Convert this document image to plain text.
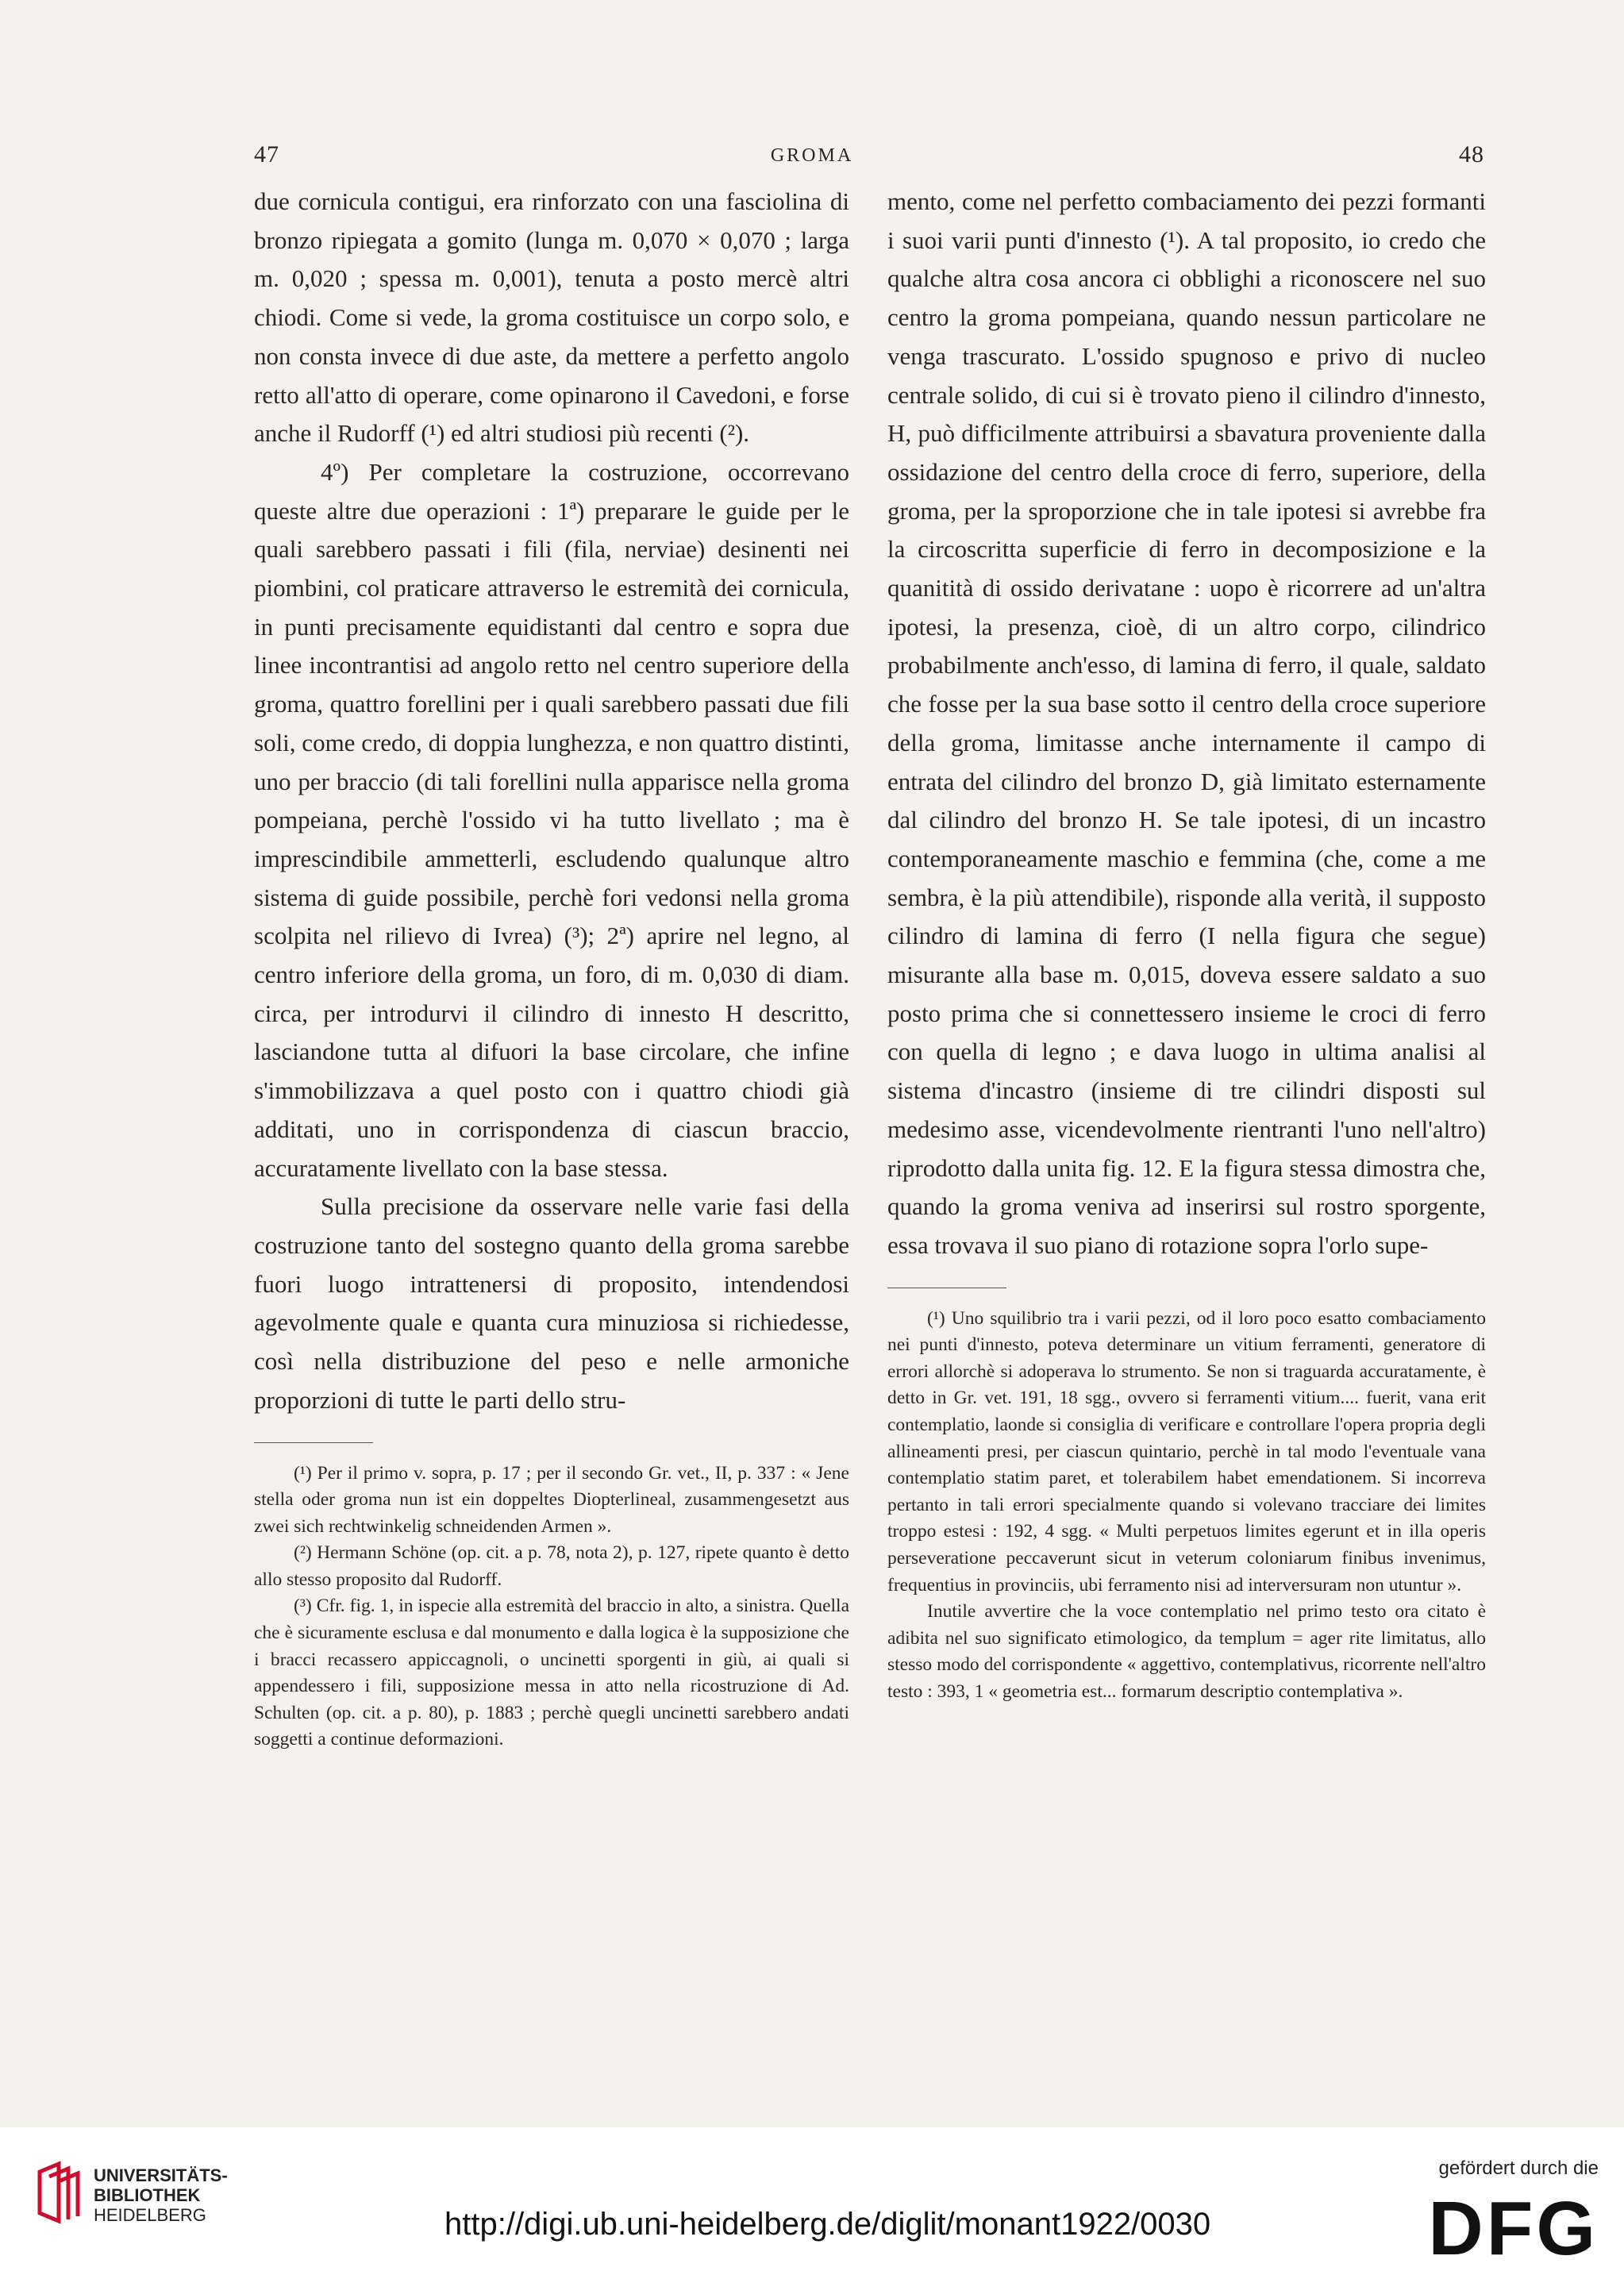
47	GROMA	48

due cornicula contigui, era rinforzato con una fasciolina di bronzo ripiegata a gomito (lunga m. 0,070 × 0,070 ; larga m. 0,020 ; spessa m. 0,001), tenuta a posto mercè altri chiodi. Come si vede, la groma costituisce un corpo solo, e non consta invece di due aste, da mettere a perfetto angolo retto all'atto di operare, come opinarono il Cavedoni, e forse anche il Rudorff (¹) ed altri studiosi più recenti (²).

4º) Per completare la costruzione, occorrevano queste altre due operazioni : 1ª) preparare le guide per le quali sarebbero passati i fili (fila, nerviae) desinenti nei piombini, col praticare attraverso le estremità dei cornicula, in punti precisamente equidistanti dal centro e sopra due linee incontrantisi ad angolo retto nel centro superiore della groma, quattro forellini per i quali sarebbero passati due fili soli, come credo, di doppia lunghezza, e non quattro distinti, uno per braccio (di tali forellini nulla apparisce nella groma pompeiana, perchè l'ossido vi ha tutto livellato ; ma è imprescindibile ammetterli, escludendo qualunque altro sistema di guide possibile, perchè fori vedonsi nella groma scolpita nel rilievo di Ivrea) (³); 2ª) aprire nel legno, al centro inferiore della groma, un foro, di m. 0,030 di diam. circa, per introdurvi il cilindro di innesto H descritto, lasciandone tutta al difuori la base circolare, che infine s'immobilizzava a quel posto con i quattro chiodi già additati, uno in corrispondenza di ciascun braccio, accuratamente livellato con la base stessa.

Sulla precisione da osservare nelle varie fasi della costruzione tanto del sostegno quanto della groma sarebbe fuori luogo intrattenersi di proposito, intendendosi agevolmente quale e quanta cura minuziosa si richiedesse, così nella distribuzione del peso e nelle armoniche proporzioni di tutte le parti dello stru-

(¹) Per il primo v. sopra, p. 17 ; per il secondo Gr. vet., II, p. 337 : « Jene stella oder groma nun ist ein doppeltes Diopterlineal, zusammengesetzt aus zwei sich rechtwinkelig schneidenden Armen ».

(²) Hermann Schöne (op. cit. a p. 78, nota 2), p. 127, ripete quanto è detto allo stesso proposito dal Rudorff.

(³) Cfr. fig. 1, in ispecie alla estremità del braccio in alto, a sinistra. Quella che è sicuramente esclusa e dal monumento e dalla logica è la supposizione che i bracci recassero appiccagnoli, o uncinetti sporgenti in giù, ai quali si appendessero i fili, supposizione messa in atto nella ricostruzione di Ad. Schulten (op. cit. a p. 80), p. 1883 ; perchè quegli uncinetti sarebbero andati soggetti a continue deformazioni.

mento, come nel perfetto combaciamento dei pezzi formanti i suoi varii punti d'innesto (¹). A tal proposito, io credo che qualche altra cosa ancora ci obblighi a riconoscere nel suo centro la groma pompeiana, quando nessun particolare ne venga trascurato. L'ossido spugnoso e privo di nucleo centrale solido, di cui si è trovato pieno il cilindro d'innesto, H, può difficilmente attribuirsi a sbavatura proveniente dalla ossidazione del centro della croce di ferro, superiore, della groma, per la sproporzione che in tale ipotesi si avrebbe fra la circoscritta superficie di ferro in decomposizione e la quanitità di ossido derivatane : uopo è ricorrere ad un'altra ipotesi, la presenza, cioè, di un altro corpo, cilindrico probabilmente anch'esso, di lamina di ferro, il quale, saldato che fosse per la sua base sotto il centro della croce superiore della groma, limitasse anche internamente il campo di entrata del cilindro del bronzo D, già limitato esternamente dal cilindro del bronzo H. Se tale ipotesi, di un incastro contemporaneamente maschio e femmina (che, come a me sembra, è la più attendibile), risponde alla verità, il supposto cilindro di lamina di ferro (I nella figura che segue) misurante alla base m. 0,015, doveva essere saldato a suo posto prima che si connettessero insieme le croci di ferro con quella di legno ; e dava luogo in ultima analisi al sistema d'incastro (insieme di tre cilindri disposti sul medesimo asse, vicendevolmente rientranti l'uno nell'altro) riprodotto dalla unita fig. 12. E la figura stessa dimostra che, quando la groma veniva ad inserirsi sul rostro sporgente, essa trovava il suo piano di rotazione sopra l'orlo supe-

(¹) Uno squilibrio tra i varii pezzi, od il loro poco esatto combaciamento nei punti d'innesto, poteva determinare un vitium ferramenti, generatore di errori allorchè si adoperava lo strumento. Se non si traguarda accuratamente, è detto in Gr. vet. 191, 18 sgg., ovvero si ferramenti vitium.... fuerit, vana erit contemplatio, laonde si consiglia di verificare e controllare l'opera propria degli allineamenti presi, per ciascun quintario, perchè in tal modo l'eventuale vana contemplatio statim paret, et tolerabilem habet emendationem. Si incorreva pertanto in tali errori specialmente quando si volevano tracciare dei limites troppo estesi : 192, 4 sgg. « Multi perpetuos limites egerunt et in illa operis perseveratione peccaverunt sicut in veterum coloniarum finibus invenimus, frequentius in provinciis, ubi ferramento nisi ad interversuram non utuntur ».

Inutile avvertire che la voce contemplatio nel primo testo ora citato è adibita nel suo significato etimologico, da templum = ager rite limitatus, allo stesso modo del corrispondente « aggettivo, contemplativus, ricorrente nell'altro testo : 393, 1 « geometria est... formarum descriptio contemplativa ».

UNIVERSITÄTS-
BIBLIOTHEK
HEIDELBERG	http://digi.ub.uni-heidelberg.de/diglit/monant1922/0030
gefördert durch die
DFG
